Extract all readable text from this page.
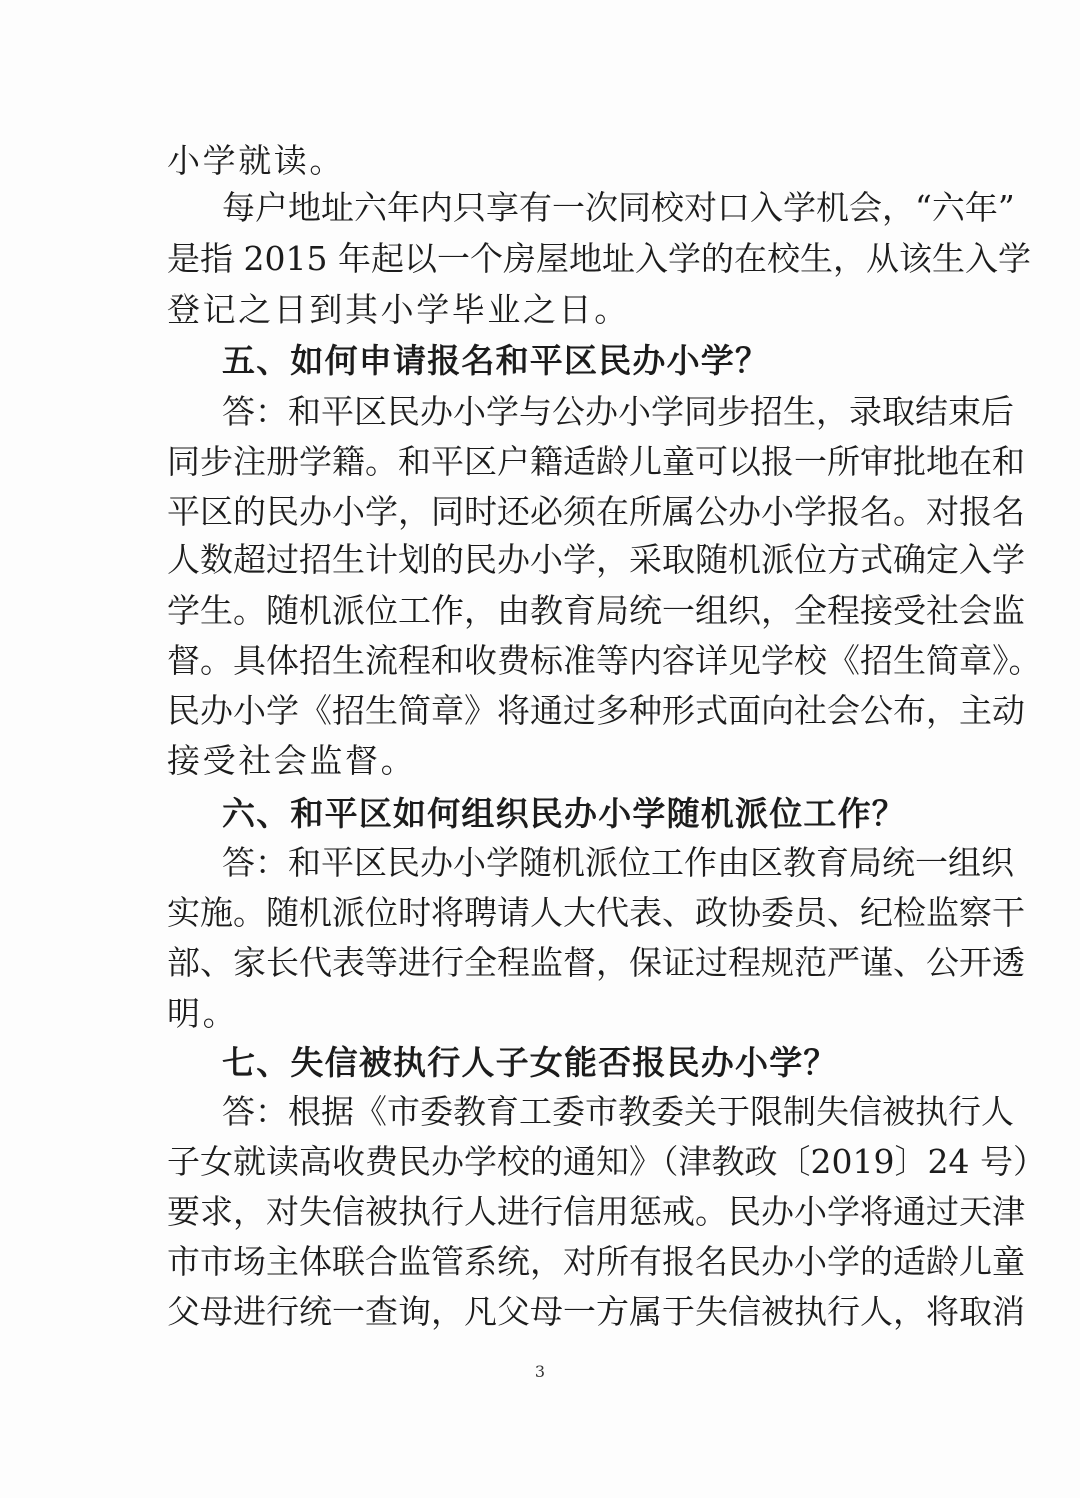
小学就读。
每户地址六年内只享有一次同校对口入学机会，“六年”
是指 2015 年起以一个房屋地址入学的在校生，从该生入学
登记之日到其小学毕业之日。
五、如何申请报名和平区民办小学？
答：和平区民办小学与公办小学同步招生，录取结束后
同步注册学籍。和平区户籍适龄儿童可以报一所审批地在和
平区的民办小学，同时还必须在所属公办小学报名。对报名
人数超过招生计划的民办小学，采取随机派位方式确定入学
学生。随机派位工作，由教育局统一组织，全程接受社会监
督。具体招生流程和收费标准等内容详见学校《招生简章》。
民办小学《招生简章》将通过多种形式面向社会公布，主动
接受社会监督。
六、和平区如何组织民办小学随机派位工作？
答：和平区民办小学随机派位工作由区教育局统一组织
实施。随机派位时将聘请人大代表、政协委员、纪检监察干
部、家长代表等进行全程监督，保证过程规范严谨、公开透
明。
七、失信被执行人子女能否报民办小学？
答：根据《市委教育工委市教委关于限制失信被执行人
子女就读高收费民办学校的通知》（津教政〔2019〕24 号）
要求，对失信被执行人进行信用惩戒。民办小学将通过天津
市市场主体联合监管系统，对所有报名民办小学的适龄儿童
父母进行统一查询，凡父母一方属于失信被执行人，将取消
3
